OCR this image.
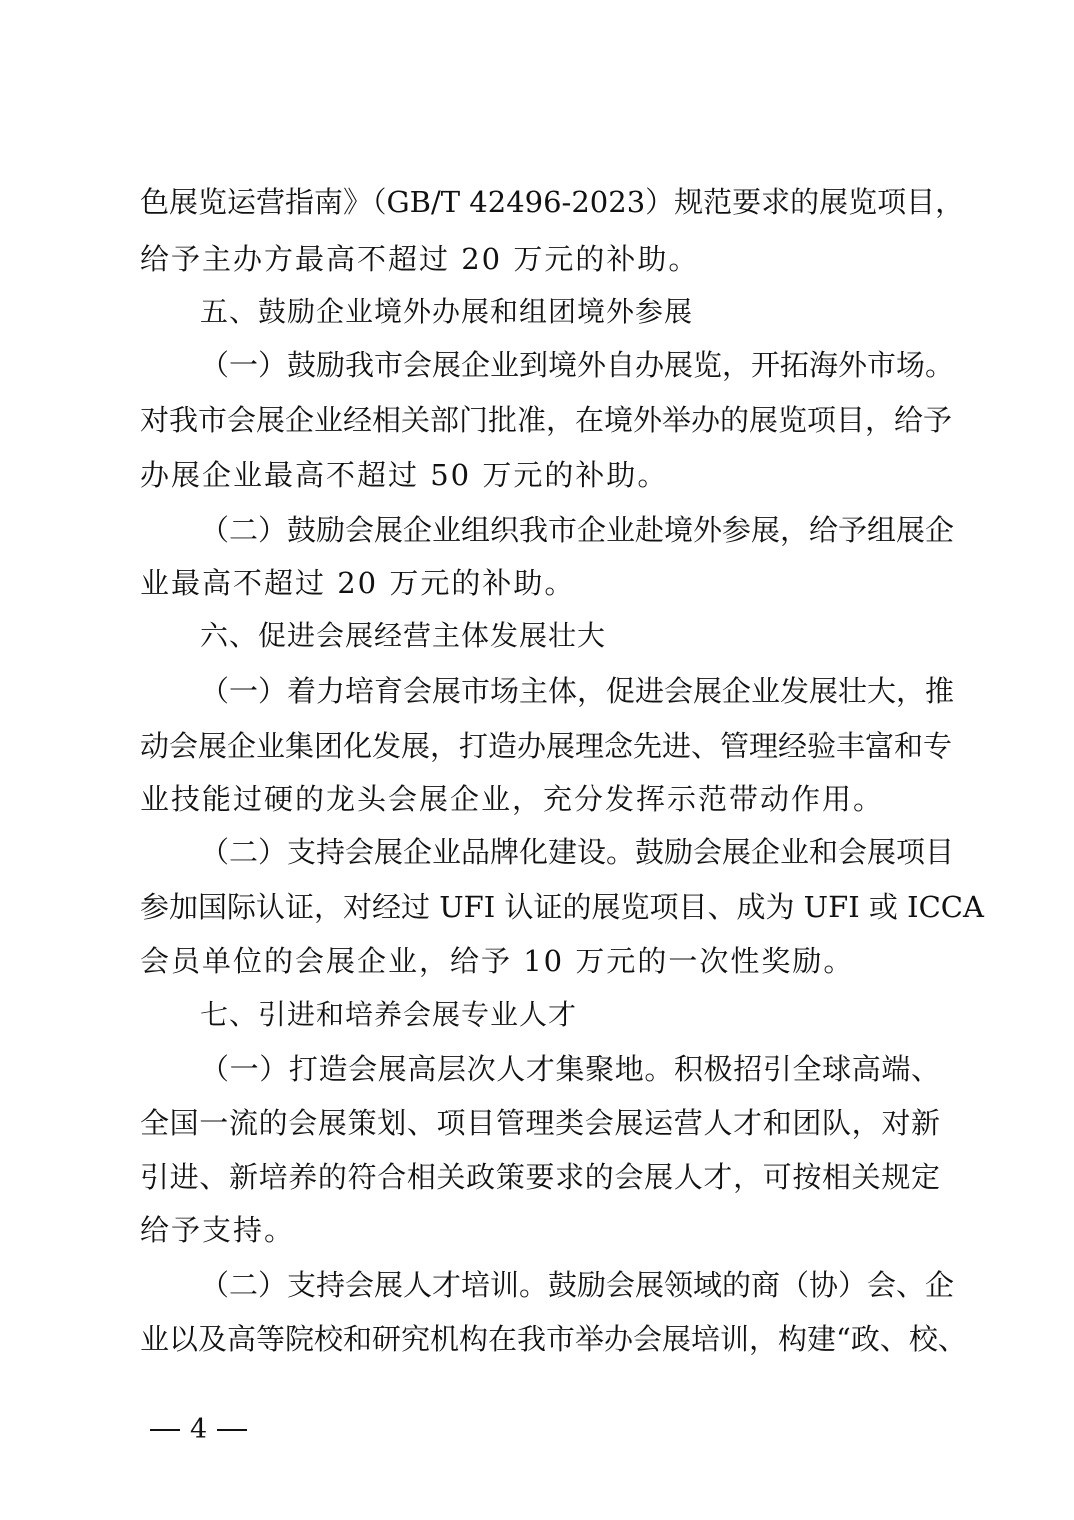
色展览运营指南》（GB/T 42496-2023）规范要求的展览项目，
给予主办方最高不超过 20 万元的补助。
五、鼓励企业境外办展和组团境外参展
（一）鼓励我市会展企业到境外自办展览，开拓海外市场。
对我市会展企业经相关部门批准，在境外举办的展览项目，给予
办展企业最高不超过 50 万元的补助。
（二）鼓励会展企业组织我市企业赴境外参展，给予组展企
业最高不超过 20 万元的补助。
六、促进会展经营主体发展壮大
（一）着力培育会展市场主体，促进会展企业发展壮大，推
动会展企业集团化发展，打造办展理念先进、管理经验丰富和专
业技能过硬的龙头会展企业，充分发挥示范带动作用。
（二）支持会展企业品牌化建设。鼓励会展企业和会展项目
参加国际认证，对经过 UFI 认证的展览项目、成为 UFI 或 ICCA
会员单位的会展企业，给予 10 万元的一次性奖励。
七、引进和培养会展专业人才
（一）打造会展高层次人才集聚地。积极招引全球高端、
全国一流的会展策划、项目管理类会展运营人才和团队，对新
引进、新培养的符合相关政策要求的会展人才，可按相关规定
给予支持。
（二）支持会展人才培训。鼓励会展领域的商（协）会、企
业以及高等院校和研究机构在我市举办会展培训，构建“政、校、
4
